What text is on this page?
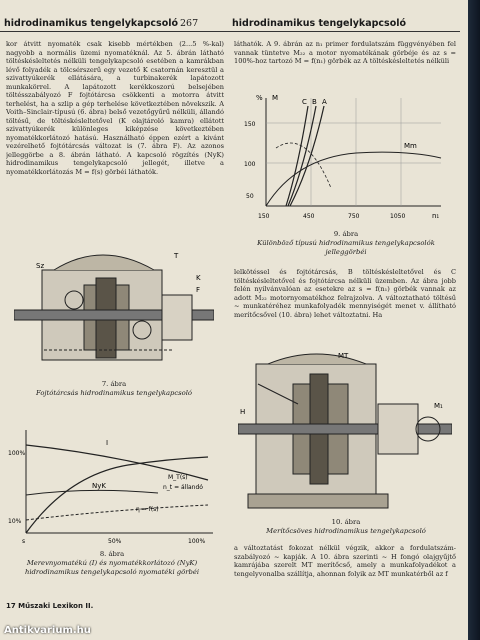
hidrodinamikus tengelykapcsoló 267	hidrodinamikus tengelykapcsoló
kor átvitt nyomaték csak kisebb mértékben (2...5 %-kal) nagyobb a normális üzemi nyomatéknál. Az 5. ábrán látható töltéskésleltetés nélküli tengelykapcsoló esetében a kamrákban lévő folyadék a tölcsérszerű egy vezető K csatornán keresztül a szivattyúkerék ellátására, a turbinakerék lapátozott munkakörrel. A lapátozott kerékkoszorú belsejében töltésszabályozó F fojtótárcsa csökkenti a motorra átvitt terhelést, ha a szlip a gép terhelése következtében növekszik. A Voith–Sinclair-típusú (6. ábra) belső vezetőgyűrű nélküli, állandó töltésű, de töltéskésleltetővel (K olajtároló kamra) ellátott szivattyúkerék különleges kiképzése következtében nyomatékkorlátozó hatású. Használható éppen ezért a kivánt vezérelhető fojtótárcsás változat is (7. ábra F). Az azonos jelleggörbe a 8. ábrán látható. A kapcsoló rögzítés (NyK) hidrodinamikus tengelykapcsoló jellegét, illetve a nyomatékkorlátozás M = f(s) görbéi láthatók.
Sz
K
F
T
7. ábra
Fojtótárcsás hidrodinamikus tengelykapcsoló
I
NyK
M_T(s)
n_t = állandó
η = f(s)
100%
10%
50%	100%
s
8. ábra
Merevnyomatékú (I) és nyomatékkorlátozó (NyK) hidrodinamikus tengelykapcsoló nyomatéki görbéi
láthatók. A 9. ábrán az n₁ primer fordulatszám függvényében fel vannak tüntetve M₂₂ a motor nyomatékának görbéje és az s = 100%-hoz tartozó M = f(n₁) görbék az A töltéskésleltetés nélküli
% M	C B A
Mm
150
100
50
150	450	750	1050	n₁
9. ábra
Különböző típusú hidrodinamikus tengelykapcsolók jelleggörbéi
lelkötéssel és fojtótárcsás, B töltéskésleltetővel és C töltéskésleltetővel és fojtótárcsa nélküli üzemben. Az ábra jobb felén nyilvánvalóan az esetekre az s = f(n₁) görbék vannak az adott M₂₂ motornyomatékhoz felrajzolva. A változtatható töltésű ~ munkatéréhez munkafolyadék mennyiségét menet v. állítható merítőcsővel (10. ábra) lehet változtatni. Ha
MT
H
M₁
10. ábra
Merítőcsöves hidrodinamikus tengelykapcsoló
a változtatást fokozat nélkül végzik, akkor a fordulatszám-szabályozó ~ kapják. A 10. ábra szerinti ~ H fongó olajgyűjtő kamrájába szerelt MT merítőcső, amely a munkafolyadékot a tengelyvonalba szállítja, ahonnan folyik az MT munkatérből az f
17 Műszaki Lexikon II.
Antikvarium.hu
